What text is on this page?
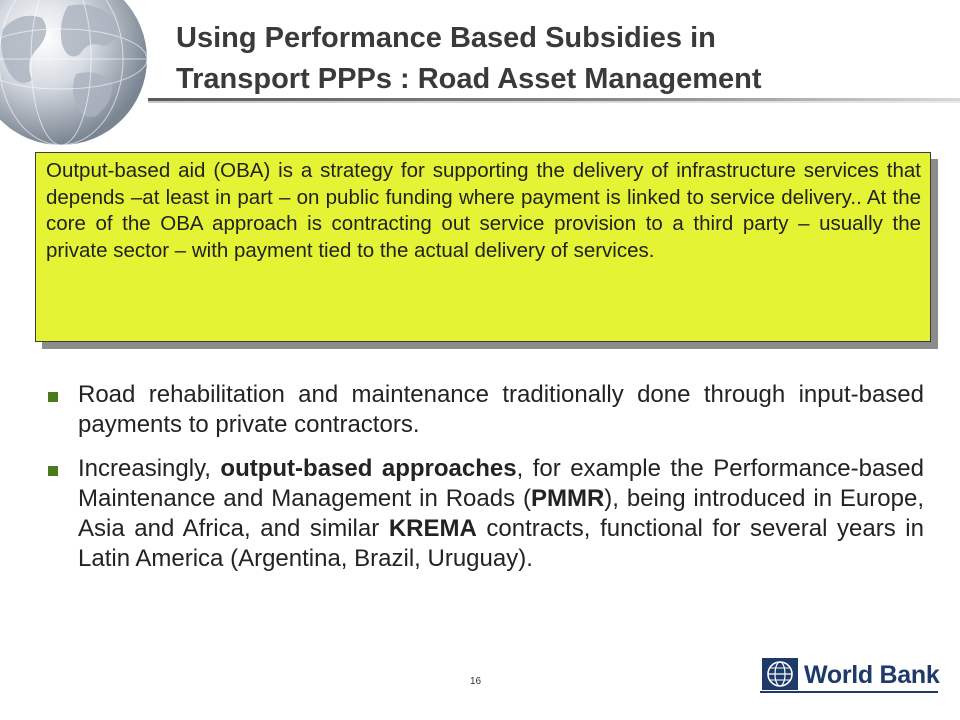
Using Performance Based Subsidies in
Transport PPPs : Road Asset Management

Output-based aid (OBA) is a strategy for supporting the delivery of infrastructure services that depends –at least in part – on public funding where payment is linked to service delivery.. At the core of the OBA approach is contracting out service provision to a third party – usually the private sector – with payment tied to the actual delivery of services.

Road rehabilitation and maintenance traditionally done through input-based payments to private contractors.

Increasingly, output-based approaches, for example the Performance-based Maintenance and Management in Roads (PMMR), being introduced in Europe, Asia and Africa, and similar KREMA contracts, functional for several years in Latin America (Argentina, Brazil, Uruguay).

16	World Bank
